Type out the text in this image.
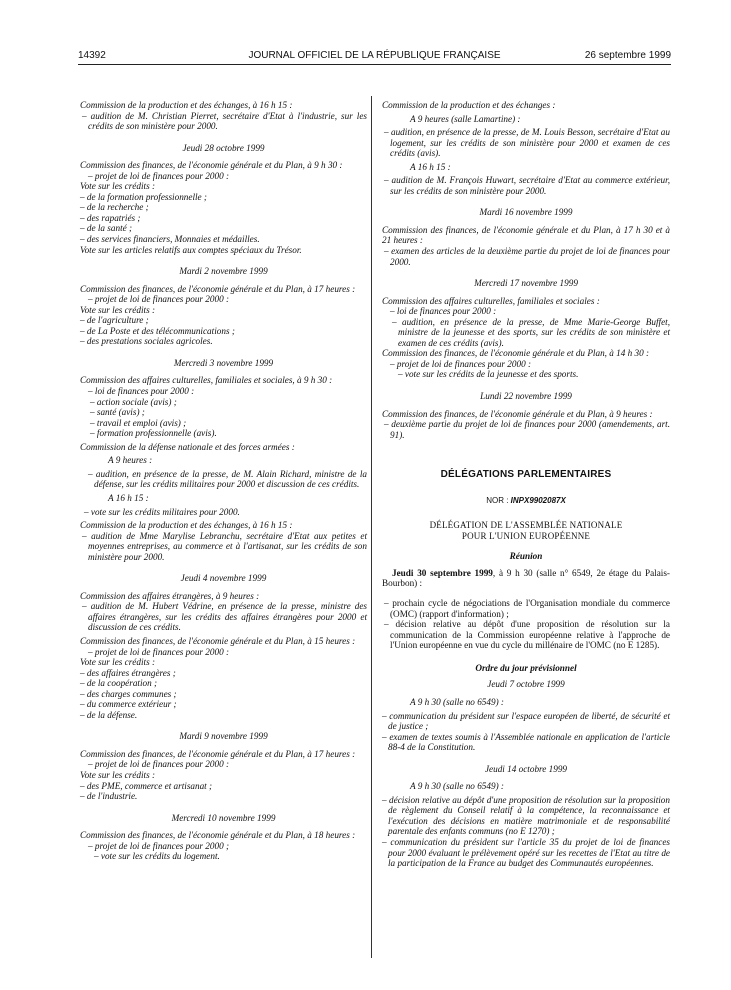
14392	JOURNAL OFFICIEL DE LA RÉPUBLIQUE FRANÇAISE	26 septembre 1999

Commission de la production et des échanges, à 16 h 15 :

– audition de M. Christian Pierret, secrétaire d'Etat à l'industrie, sur les crédits de son ministère pour 2000.

Jeudi 28 octobre 1999

Commission des finances, de l'économie générale et du Plan, à 9 h 30 :

– projet de loi de finances pour 2000 :

Vote sur les crédits :

– de la formation professionnelle ;

– de la recherche ;

– des rapatriés ;

– de la santé ;

– des services financiers, Monnaies et médailles.

Vote sur les articles relatifs aux comptes spéciaux du Trésor.

Mardi 2 novembre 1999

Commission des finances, de l'économie générale et du Plan, à 17 heures :

– projet de loi de finances pour 2000 :

Vote sur les crédits :

– de l'agriculture ;

– de La Poste et des télécommunications ;

– des prestations sociales agricoles.

Mercredi 3 novembre 1999

Commission des affaires culturelles, familiales et sociales, à 9 h 30 :

– loi de finances pour 2000 :

– action sociale (avis) ;

– santé (avis) ;

– travail et emploi (avis) ;

– formation professionnelle (avis).

Commission de la défense nationale et des forces armées :

A 9 heures :

– audition, en présence de la presse, de M. Alain Richard, ministre de la défense, sur les crédits militaires pour 2000 et discussion de ces crédits.

A 16 h 15 :

– vote sur les crédits militaires pour 2000.

Commission de la production et des échanges, à 16 h 15 :

– audition de Mme Marylise Lebranchu, secrétaire d'Etat aux petites et moyennes entreprises, au commerce et à l'artisanat, sur les crédits de son ministère pour 2000.

Jeudi 4 novembre 1999

Commission des affaires étrangères, à 9 heures :

– audition de M. Hubert Védrine, en présence de la presse, ministre des affaires étrangères, sur les crédits des affaires étrangères pour 2000 et discussion de ces crédits.

Commission des finances, de l'économie générale et du Plan, à 15 heures :

– projet de loi de finances pour 2000 :

Vote sur les crédits :

– des affaires étrangères ;

– de la coopération ;

– des charges communes ;

– du commerce extérieur ;

– de la défense.

Mardi 9 novembre 1999

Commission des finances, de l'économie générale et du Plan, à 17 heures :

– projet de loi de finances pour 2000 :

Vote sur les crédits :

– des PME, commerce et artisanat ;

– de l'industrie.

Mercredi 10 novembre 1999

Commission des finances, de l'économie générale et du Plan, à 18 heures :

– projet de loi de finances pour 2000 ;

– vote sur les crédits du logement.

Commission de la production et des échanges :

A 9 heures (salle Lamartine) :

– audition, en présence de la presse, de M. Louis Besson, secrétaire d'Etat au logement, sur les crédits de son ministère pour 2000 et examen de ces crédits (avis).

A 16 h 15 :

– audition de M. François Huwart, secrétaire d'Etat au commerce extérieur, sur les crédits de son ministère pour 2000.

Mardi 16 novembre 1999

Commission des finances, de l'économie générale et du Plan, à 17 h 30 et à 21 heures :

– examen des articles de la deuxième partie du projet de loi de finances pour 2000.

Mercredi 17 novembre 1999

Commission des affaires culturelles, familiales et sociales :

– loi de finances pour 2000 :

– audition, en présence de la presse, de Mme Marie-George Buffet, ministre de la jeunesse et des sports, sur les crédits de son ministère et examen de ces crédits (avis).

Commission des finances, de l'économie générale et du Plan, à 14 h 30 :

– projet de loi de finances pour 2000 :

– vote sur les crédits de la jeunesse et des sports.

Lundi 22 novembre 1999

Commission des finances, de l'économie générale et du Plan, à 9 heures :

– deuxième partie du projet de loi de finances pour 2000 (amendements, art. 91).

DÉLÉGATIONS PARLEMENTAIRES
NOR : INPX9902087X
DÉLÉGATION DE L'ASSEMBLÉE NATIONALE
POUR L'UNION EUROPÉENNE
Réunion

Jeudi 30 septembre 1999, à 9 h 30 (salle n° 6549, 2e étage du Palais-Bourbon) :

– prochain cycle de négociations de l'Organisation mondiale du commerce (OMC) (rapport d'information) ;

– décision relative au dépôt d'une proposition de résolution sur la communication de la Commission européenne relative à l'approche de l'Union européenne en vue du cycle du millénaire de l'OMC (no E 1285).

Ordre du jour prévisionnel
Jeudi 7 octobre 1999

A 9 h 30 (salle no 6549) :

– communication du président sur l'espace européen de liberté, de sécurité et de justice ;

– examen de textes soumis à l'Assemblée nationale en application de l'article 88-4 de la Constitution.

Jeudi 14 octobre 1999

A 9 h 30 (salle no 6549) :

– décision relative au dépôt d'une proposition de résolution sur la proposition de règlement du Conseil relatif à la compétence, la reconnaissance et l'exécution des décisions en matière matrimoniale et de responsabilité parentale des enfants communs (no E 1270) ;

– communication du président sur l'article 35 du projet de loi de finances pour 2000 évaluant le prélèvement opéré sur les recettes de l'Etat au titre de la participation de la France au budget des Communautés européennes.
